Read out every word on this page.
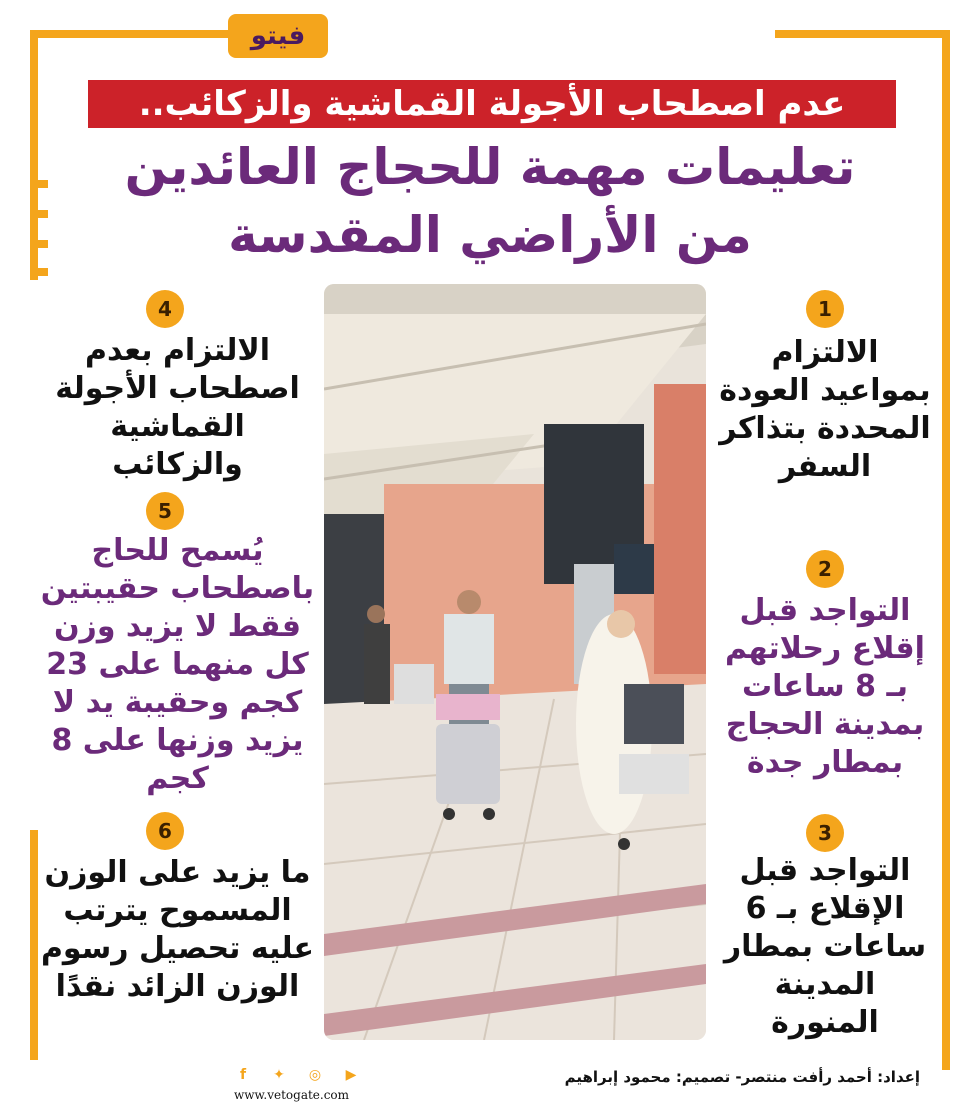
فيتو
عدم اصطحاب الأجولة القماشية والزكائب..
تعليمات مهمة للحجاج العائدين
من الأراضي المقدسة
1
الالتزام بمواعيد العودة المحددة بتذاكر السفر
2
التواجد قبل إقلاع رحلاتهم بـ 8 ساعات بمدينة الحجاج بمطار جدة
3
التواجد قبل الإقلاع بـ 6 ساعات بمطار المدينة المنورة
4
الالتزام بعدم اصطحاب الأجولة القماشية والزكائب
5
يُسمح للحاج باصطحاب حقيبتين فقط لا يزيد وزن كل منهما على 23 كجم وحقيبة يد لا يزيد وزنها على 8 كجم
6
ما يزيد على الوزن المسموح يترتب عليه تحصيل رسوم الوزن الزائد نقدًا
إعداد: أحمد رأفت منتصر- تصميم: محمود إبراهيم
f	✦	◎	▶
www.vetogate.com
